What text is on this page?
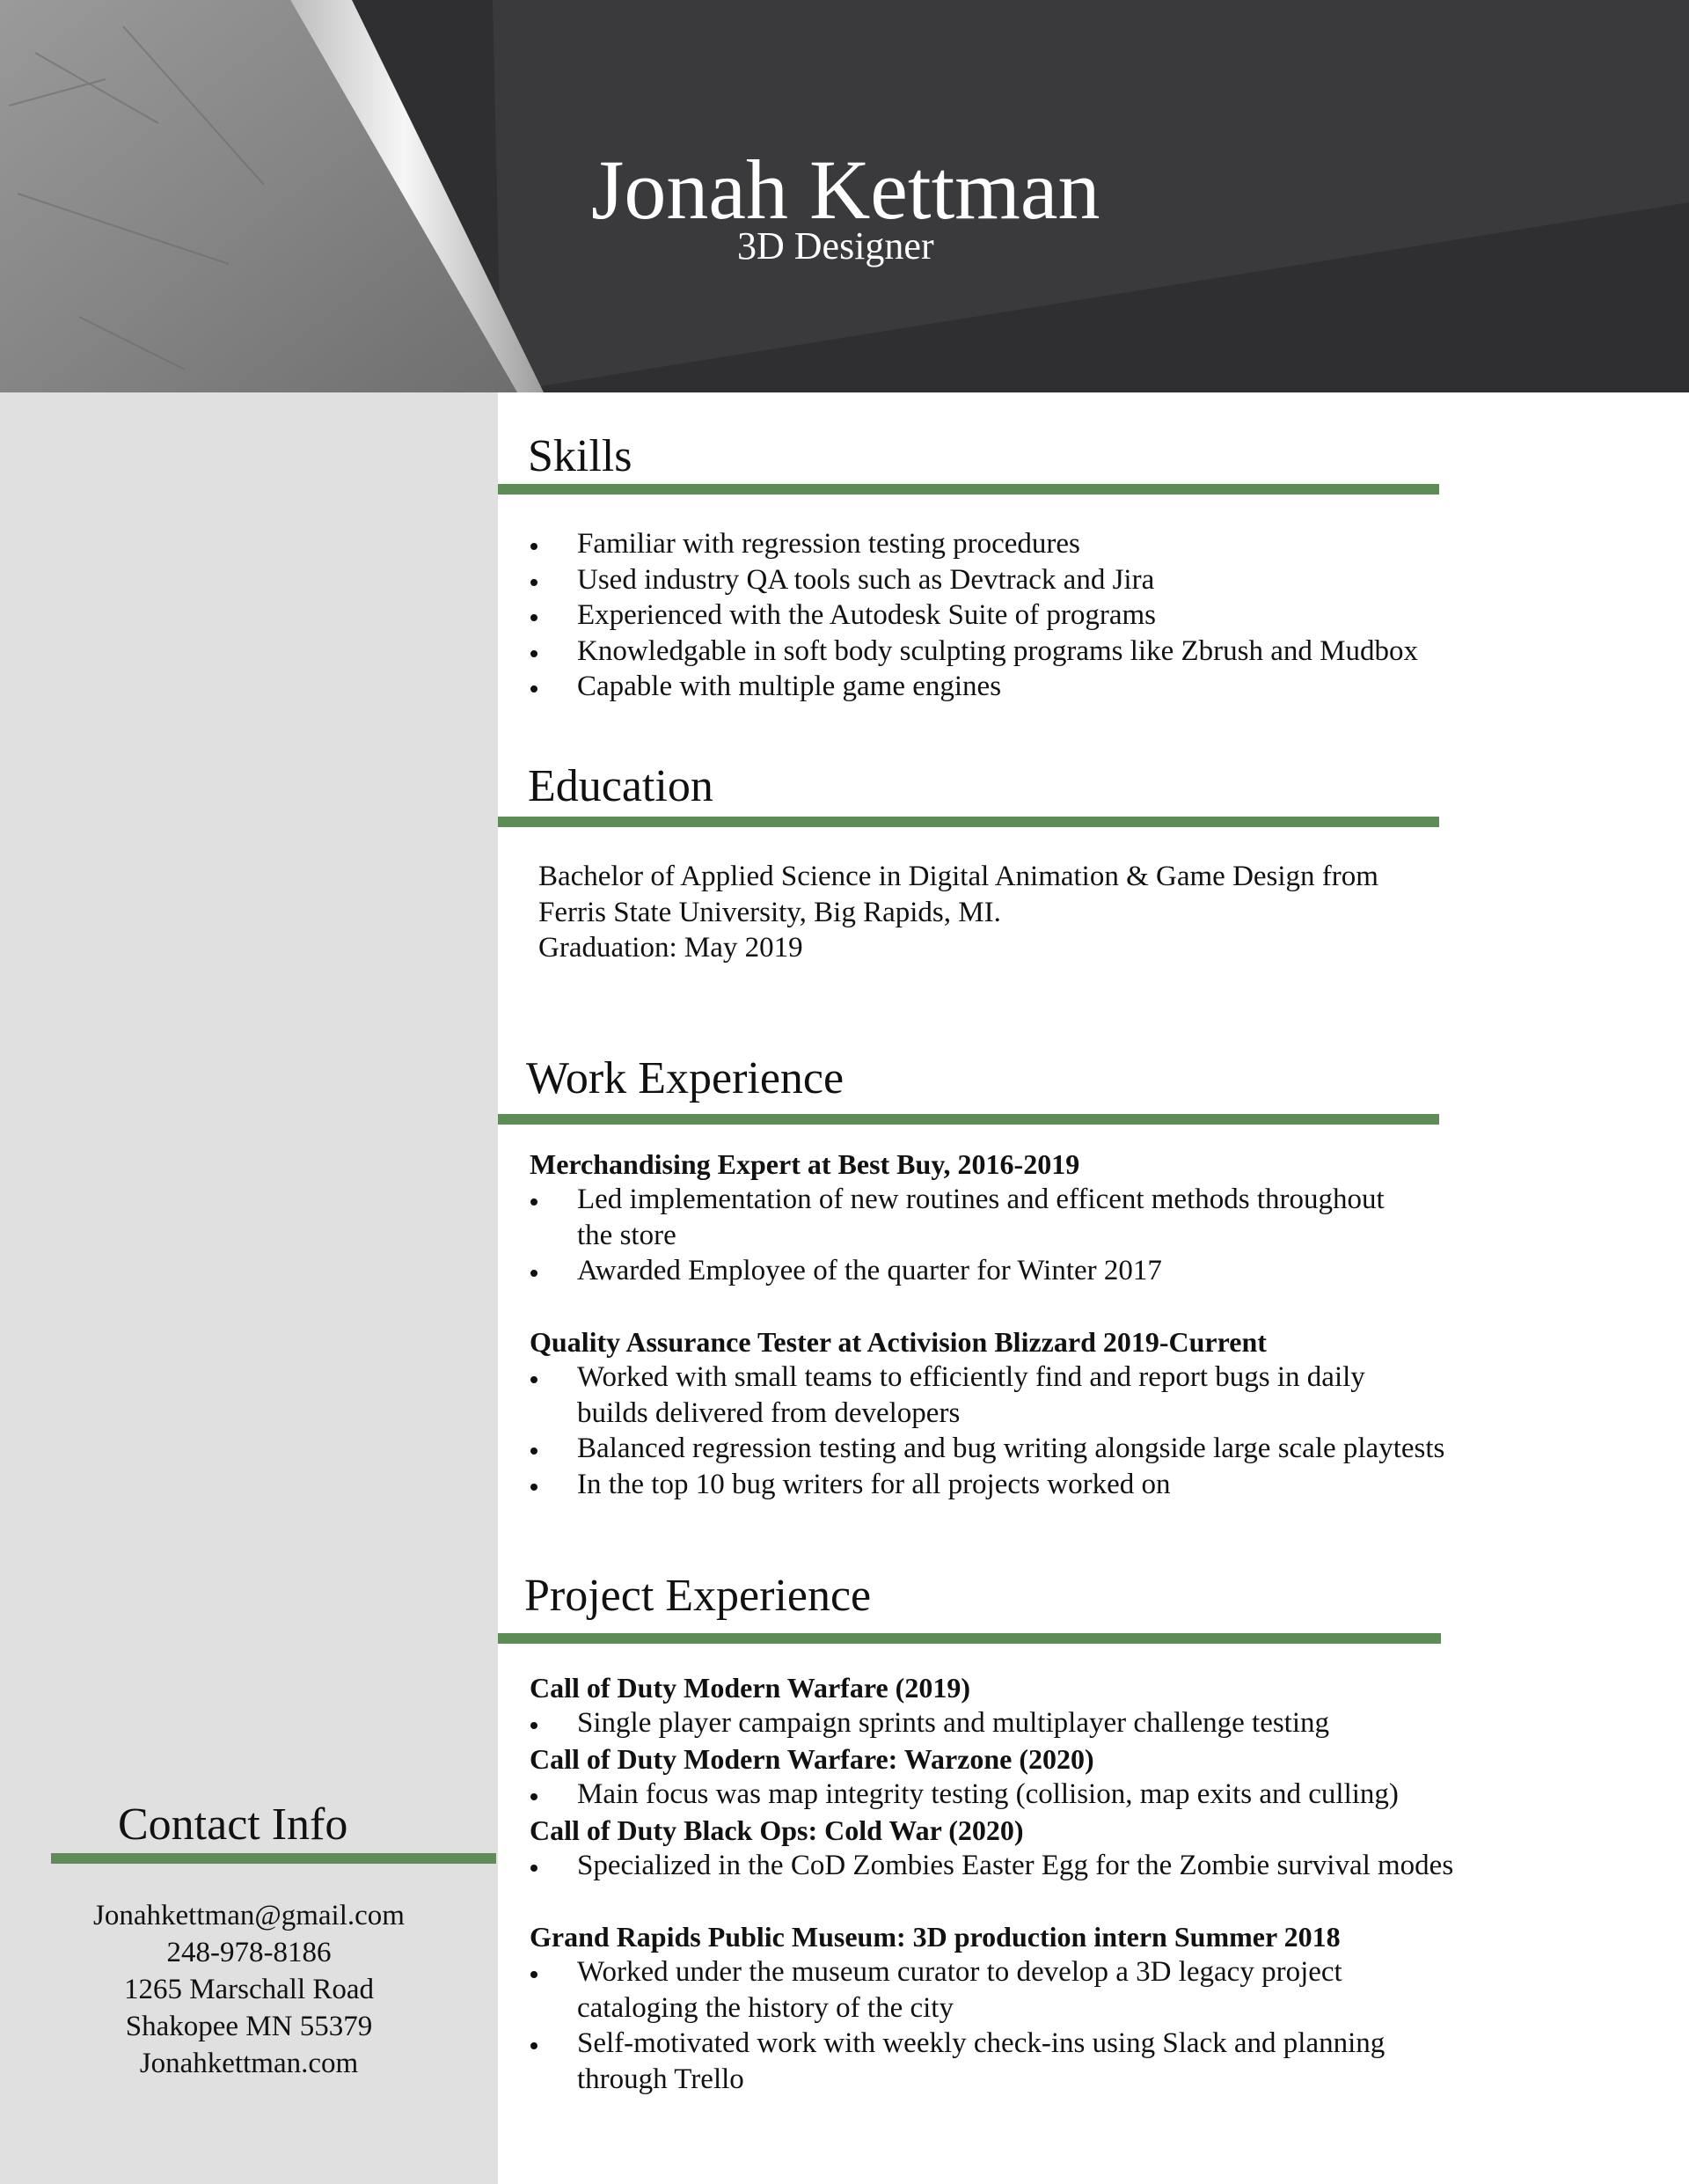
Jonah Kettman
3D Designer
Contact Info
Jonahkettman@gmail.com
248-978-8186
1265 Marschall Road
Shakopee MN 55379
Jonahkettman.com
Skills
Familiar with regression testing procedures
Used industry QA tools such as Devtrack and Jira
Experienced with the Autodesk Suite of programs
Knowledgable in soft body sculpting programs like Zbrush and Mudbox
Capable with multiple game engines
Education
Bachelor of Applied Science in Digital Animation & Game Design from
Ferris State University, Big Rapids, MI.
Graduation: May 2019
Work Experience
Merchandising Expert at Best Buy, 2016-2019
Led implementation of new routines and efficent methods throughout
the store
Awarded Employee of the quarter for Winter 2017
Quality Assurance Tester at Activision Blizzard 2019-Current
Worked with small teams to efficiently find and report bugs in daily
builds delivered from developers
Balanced regression testing and bug writing alongside large scale playtests
In the top 10 bug writers for all projects worked on
Project Experience
Call of Duty Modern Warfare (2019)
Single player campaign sprints and multiplayer challenge testing
Call of Duty Modern Warfare: Warzone (2020)
Main focus was map integrity testing (collision, map exits and culling)
Call of Duty Black Ops: Cold War (2020)
Specialized in the CoD Zombies Easter Egg for the Zombie survival modes
Grand Rapids Public Museum: 3D production intern Summer 2018
Worked under the museum curator to develop a 3D legacy project
cataloging the history of the city
Self-motivated work with weekly check-ins using Slack and planning
through Trello
